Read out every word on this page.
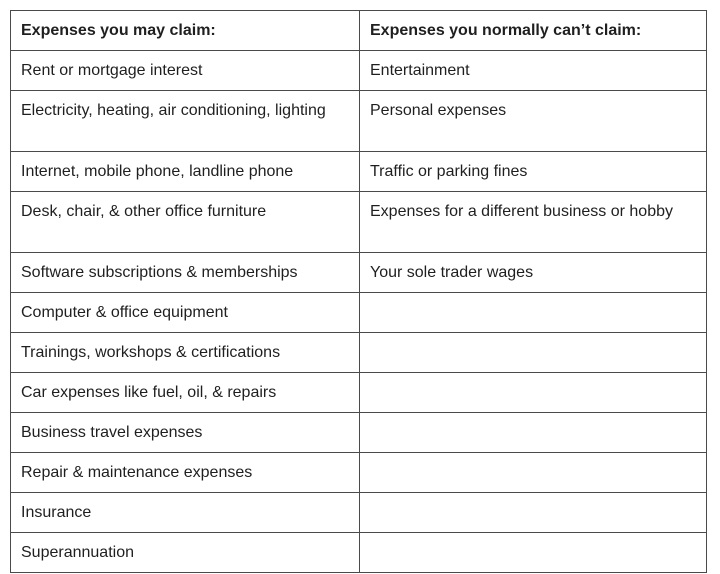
Expenses you may claim:	Expenses you normally can’t claim:
Rent or mortgage interest	Entertainment
Electricity, heating, air conditioning, lighting	Personal expenses
Internet, mobile phone, landline phone	Traffic or parking fines
Desk, chair, & other office furniture	Expenses for a different business or hobby
Software subscriptions & memberships	Your sole trader wages
Computer & office equipment	
Trainings, workshops & certifications	
Car expenses like fuel, oil, & repairs	
Business travel expenses	
Repair & maintenance expenses	
Insurance	
Superannuation	
